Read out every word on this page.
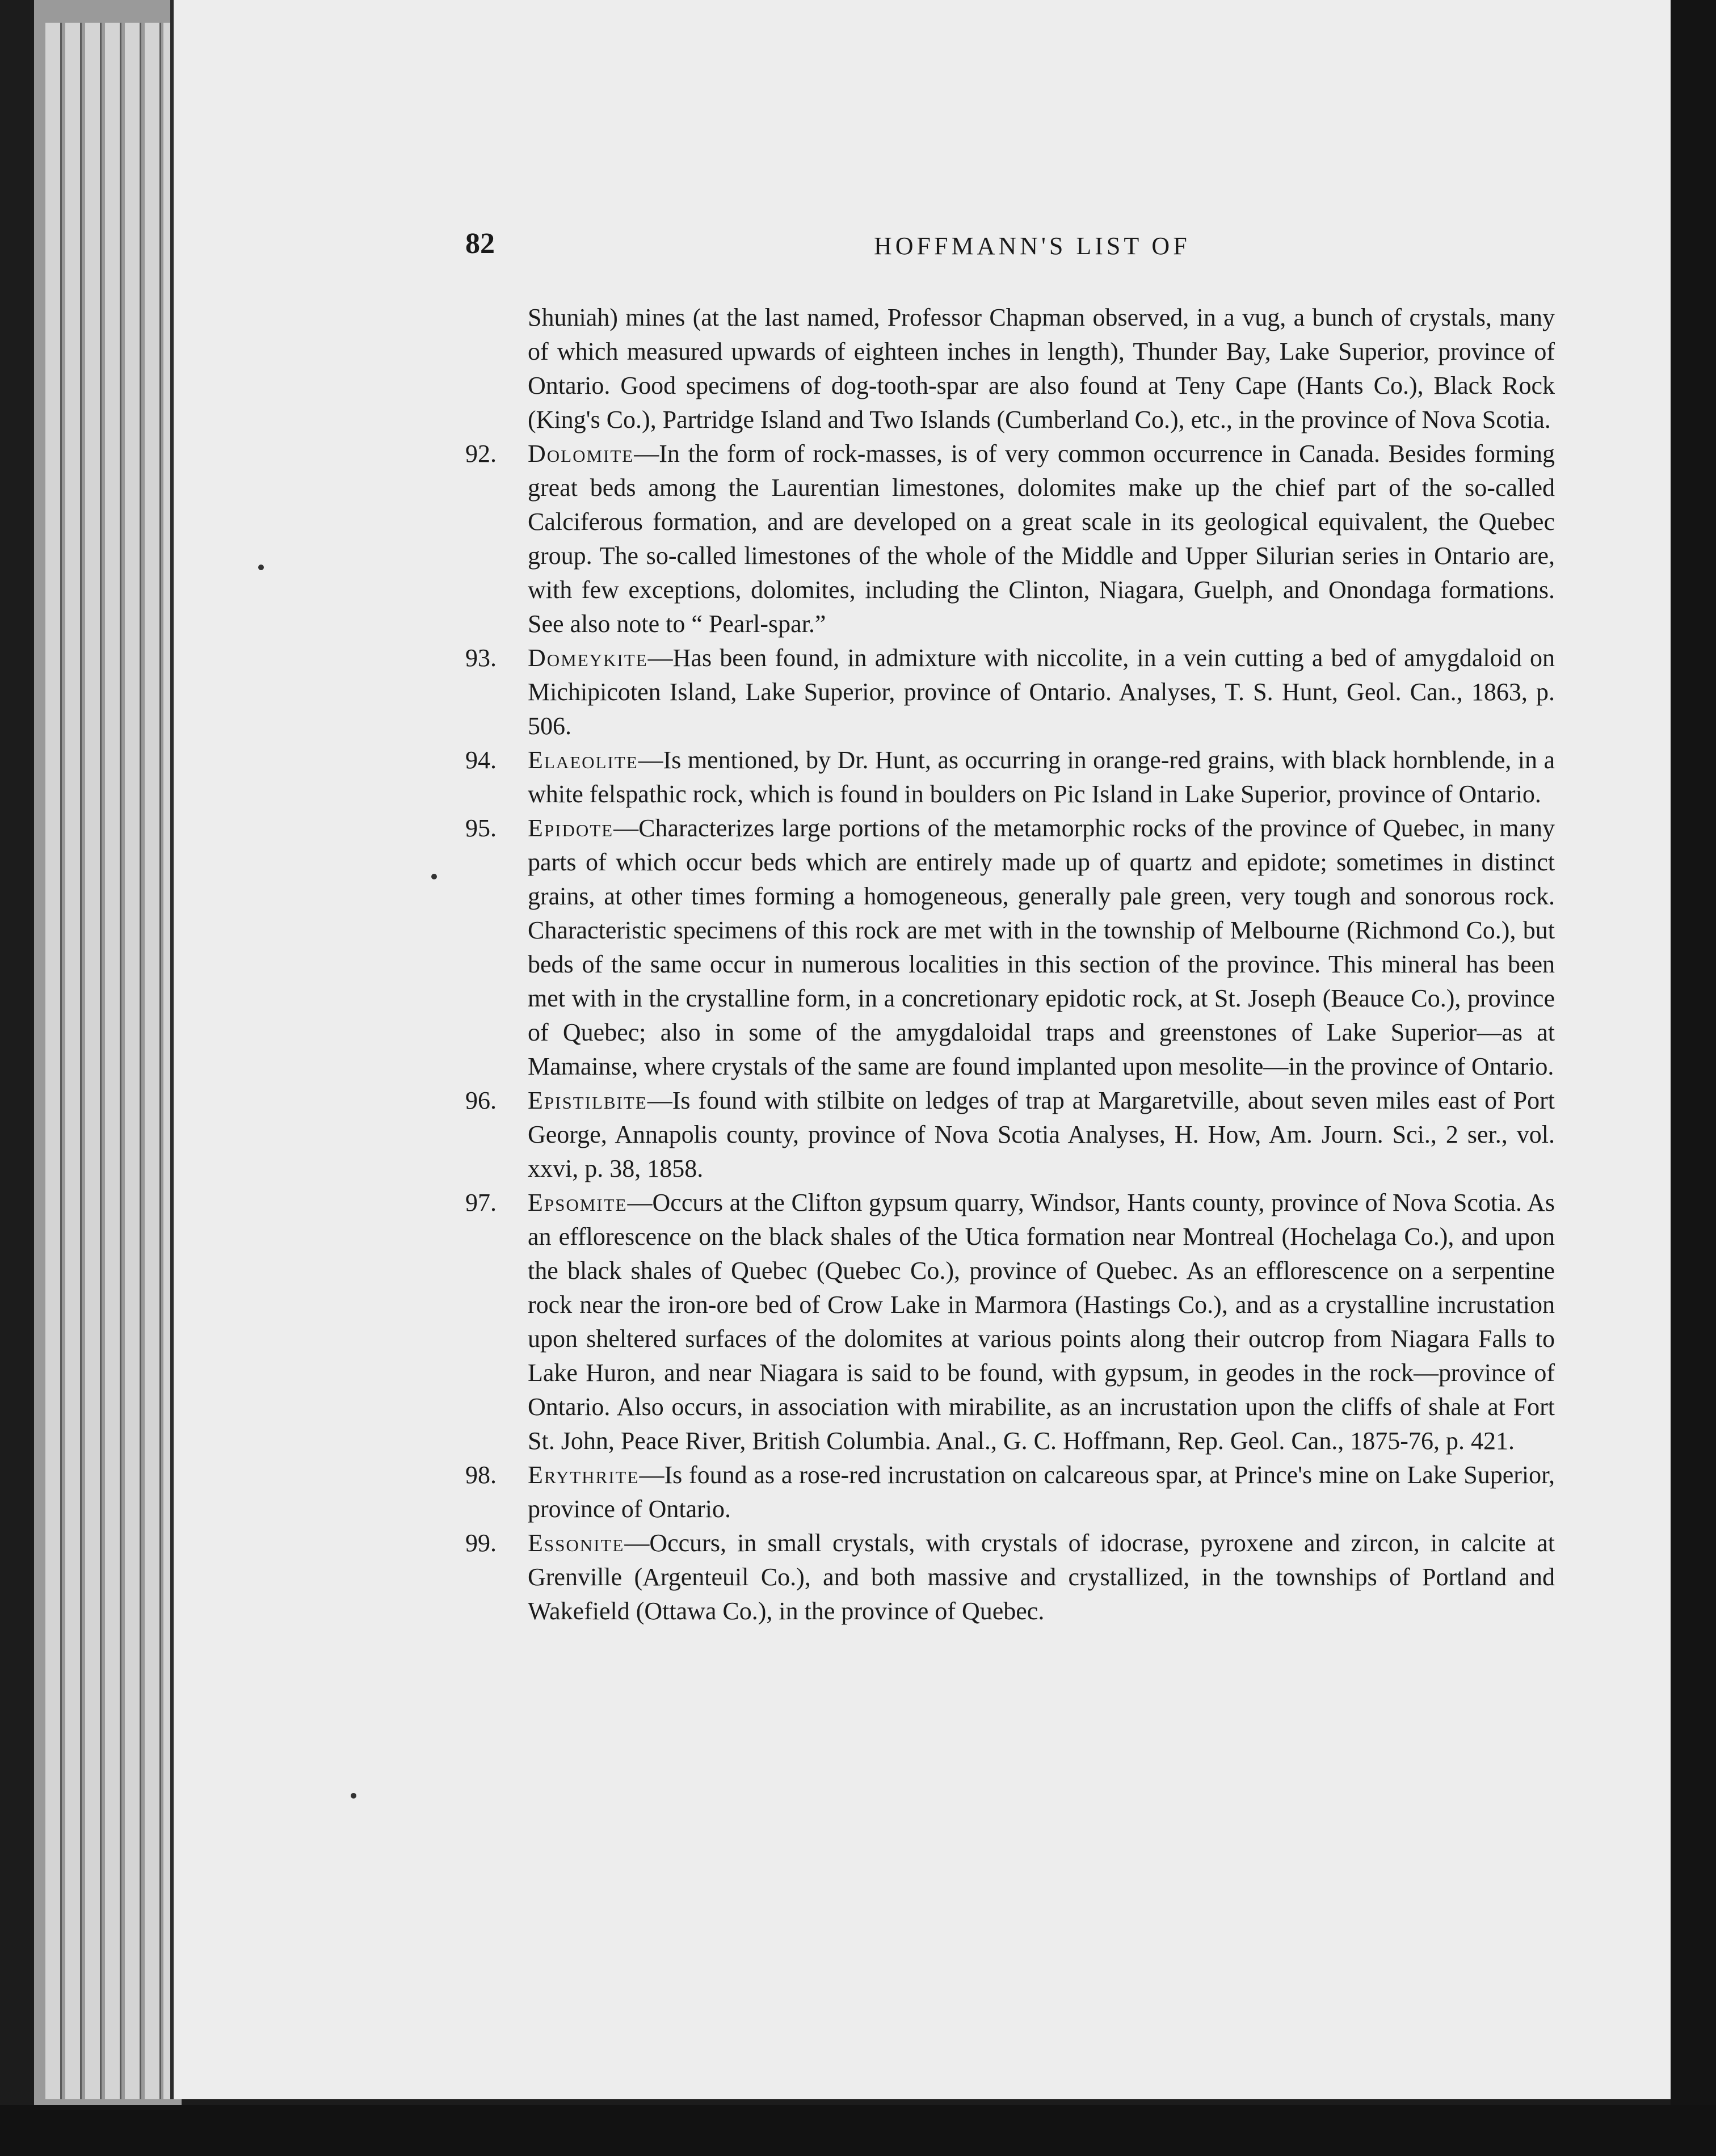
82	HOFFMANN'S LIST OF

Shuniah) mines (at the last named, Professor Chapman observed, in a vug, a bunch of crystals, many of which measured upwards of eighteen inches in length), Thunder Bay, Lake Superior, province of Ontario. Good specimens of dog-tooth-spar are also found at Teny Cape (Hants Co.), Black Rock (King's Co.), Partridge Island and Two Islands (Cumberland Co.), etc., in the province of Nova Scotia.

92.	Dolomite—In the form of rock-masses, is of very common occurrence in Canada. Besides forming great beds among the Laurentian limestones, dolomites make up the chief part of the so-called Calciferous formation, and are developed on a great scale in its geological equivalent, the Quebec group. The so-called limestones of the whole of the Middle and Upper Silurian series in Ontario are, with few exceptions, dolomites, including the Clinton, Niagara, Guelph, and Onondaga formations. See also note to “ Pearl-spar.”
93.	Domeykite—Has been found, in admixture with niccolite, in a vein cutting a bed of amygdaloid on Michipicoten Island, Lake Superior, province of Ontario. Analyses, T. S. Hunt, Geol. Can., 1863, p. 506.
94.	Elaeolite—Is mentioned, by Dr. Hunt, as occurring in orange-red grains, with black hornblende, in a white felspathic rock, which is found in boulders on Pic Island in Lake Superior, province of Ontario.
95.	Epidote—Characterizes large portions of the metamorphic rocks of the province of Quebec, in many parts of which occur beds which are entirely made up of quartz and epidote; sometimes in distinct grains, at other times forming a homogeneous, generally pale green, very tough and sonorous rock. Characteristic specimens of this rock are met with in the township of Melbourne (Richmond Co.), but beds of the same occur in numerous localities in this section of the province. This mineral has been met with in the crystalline form, in a concretionary epidotic rock, at St. Joseph (Beauce Co.), province of Quebec; also in some of the amygdaloidal traps and greenstones of Lake Superior—as at Mamainse, where crystals of the same are found implanted upon mesolite—in the province of Ontario.
96.	Epistilbite—Is found with stilbite on ledges of trap at Margaretville, about seven miles east of Port George, Annapolis county, province of Nova Scotia Analyses, H. How, Am. Journ. Sci., 2 ser., vol. xxvi, p. 38, 1858.
97.	Epsomite—Occurs at the Clifton gypsum quarry, Windsor, Hants county, province of Nova Scotia. As an efflorescence on the black shales of the Utica formation near Montreal (Hochelaga Co.), and upon the black shales of Quebec (Quebec Co.), province of Quebec. As an efflorescence on a serpentine rock near the iron-ore bed of Crow Lake in Marmora (Hastings Co.), and as a crystalline incrustation upon sheltered surfaces of the dolomites at various points along their outcrop from Niagara Falls to Lake Huron, and near Niagara is said to be found, with gypsum, in geodes in the rock—province of Ontario. Also occurs, in association with mirabilite, as an incrustation upon the cliffs of shale at Fort St. John, Peace River, British Columbia. Anal., G. C. Hoffmann, Rep. Geol. Can., 1875-76, p. 421.
98.	Erythrite—Is found as a rose-red incrustation on calcareous spar, at Prince's mine on Lake Superior, province of Ontario.
99.	Essonite—Occurs, in small crystals, with crystals of idocrase, pyroxene and zircon, in calcite at Grenville (Argenteuil Co.), and both massive and crystallized, in the townships of Portland and Wakefield (Ottawa Co.), in the province of Quebec.
